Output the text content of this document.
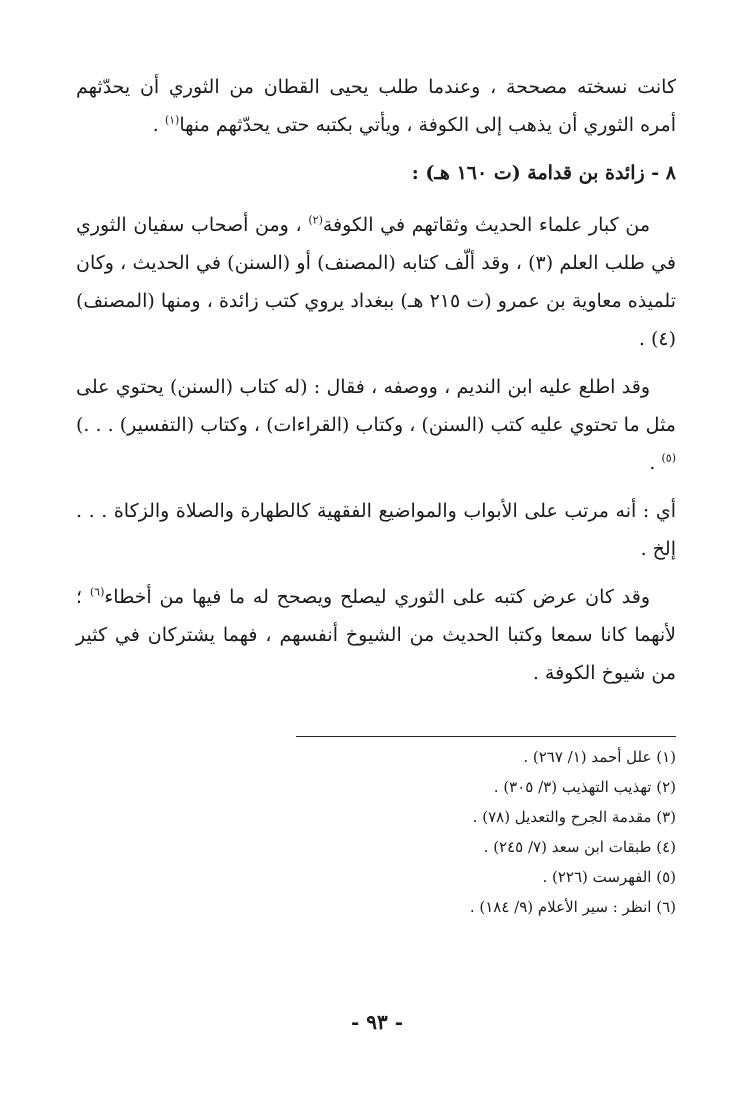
كانت نسخته مصححة ، وعندما طلب يحيى القطان من الثوري أن يحدّثهم أمره الثوري أن يذهب إلى الكوفة ، ويأتي بكتبه حتى يحدّثهم منها$^{(١)}$ .

٨ - زائدة بن قدامة (ت ١٦٠ هـ) :

من كبار علماء الحديث وثقاتهم في الكوفة$^{(٢)}$ ، ومن أصحاب سفيان الثوري في طلب العلم (٣) ، وقد ألّف كتابه (المصنف) أو (السنن) في الحديث ، وكان تلميذه معاوية بن عمرو (ت ٢١٥ هـ) ببغداد يروي كتب زائدة ، ومنها (المصنف)(٤) .

وقد اطلع عليه ابن النديم ، ووصفه ، فقال : (له كتاب (السنن) يحتوي على مثل ما تحتوي عليه كتب (السنن) ، وكتاب (القراءات) ، وكتاب (التفسير) . . .)$^{(٥)}$ .

أي : أنه مرتب على الأبواب والمواضيع الفقهية كالطهارة والصلاة والزكاة . . . إلخ .

وقد كان عرض كتبه على الثوري ليصلح ويصحح له ما فيها من أخطاء$^{(٦)}$ ؛ لأنهما كانا سمعا وكتبا الحديث من الشيوخ أنفسهم ، فهما يشتركان في كثير من شيوخ الكوفة .

(١) علل أحمد (١/ ٢٦٧) .
(٢) تهذيب التهذيب (٣/ ٣٠٥) .
(٣) مقدمة الجرح والتعديل (٧٨) .
(٤) طبقات ابن سعد (٧/ ٢٤٥) .
(٥) الفهرست (٢٢٦) .
(٦) انظر : سير الأعلام (٩/ ١٨٤) .
- ٩٣ -
